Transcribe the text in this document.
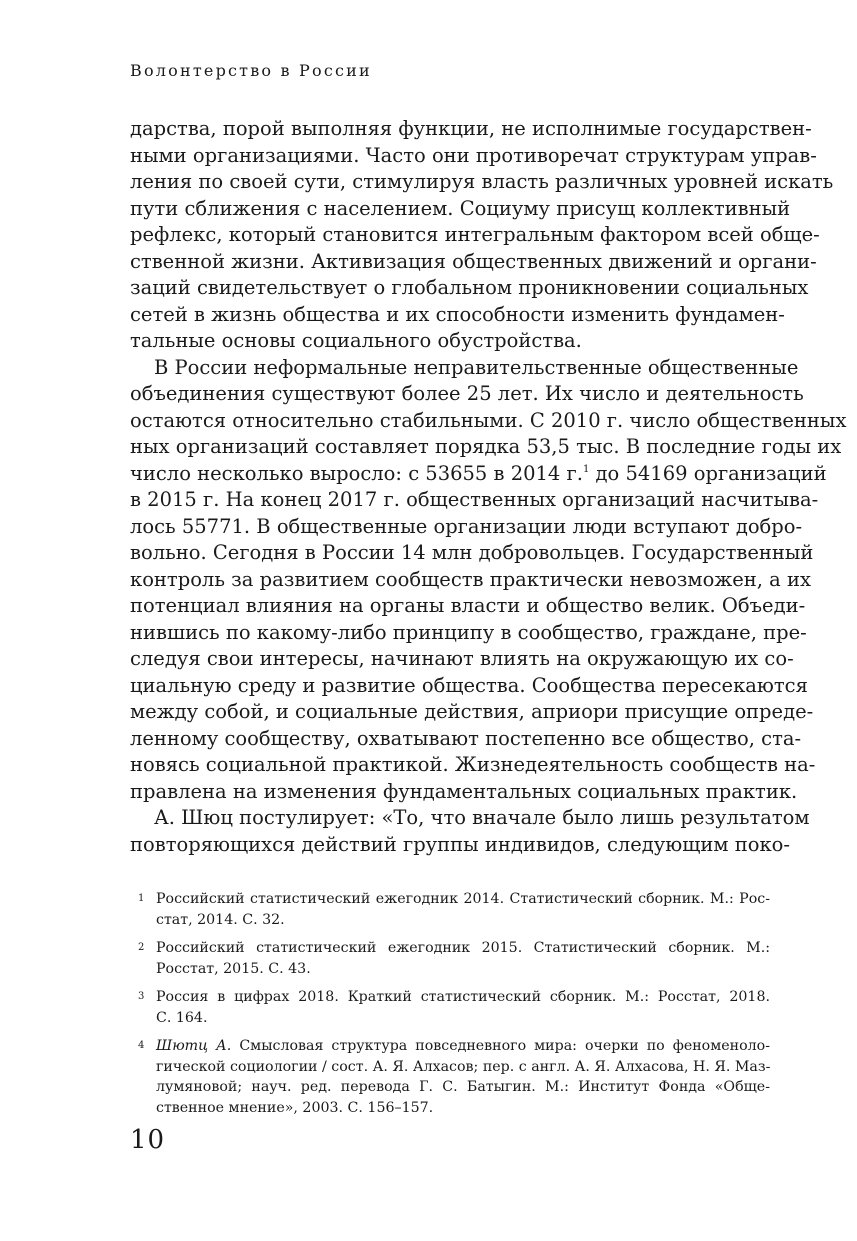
Волонтерство в России
дарства, порой выполняя функции, не исполнимые государствен-
ными организациями. Часто они противоречат структурам управ-
ления по своей сути, стимулируя власть различных уровней искать
пути сближения с населением. Социуму присущ коллективный
рефлекс, который становится интегральным фактором всей обще-
ственной жизни. Активизация общественных движений и органи-
заций свидетельствует о глобальном проникновении социальных
сетей в жизнь общества и их способности изменить фундамен-
тальные основы социального обустройства.
В России неформальные неправительственные общественные
объединения существуют более 25 лет. Их число и деятельность
остаются относительно стабильными. С 2010 г. число общественных
ных организаций составляет порядка 53,5 тыс. В последние годы их
число несколько выросло: с 53655 в 2014 г.$^1$ до 54169 организаций
в 2015 г. На конец 2017 г. общественных организаций насчитыва-
лось 55771. В общественные организации люди вступают добро-
вольно. Сегодня в России 14 млн добровольцев. Государственный
контроль за развитием сообществ практически невозможен, а их
потенциал влияния на органы власти и общество велик. Объеди-
нившись по какому-либо принципу в сообщество, граждане, пре-
следуя свои интересы, начинают влиять на окружающую их со-
циальную среду и развитие общества. Сообщества пересекаются
между собой, и социальные действия, априори присущие опреде-
ленному сообществу, охватывают постепенно все общество, ста-
новясь социальной практикой. Жизнедеятельность сообществ на-
правлена на изменения фундаментальных социальных практик.
А. Шюц постулирует: «То, что вначале было лишь результатом
повторяющихся действий группы индивидов, следующим поко-
1 Российский статистический ежегодник 2014. Статистический сборник. М.: Рос-
стат, 2014. С. 32.
2 Российский статистический ежегодник 2015. Статистический сборник. М.:
Росстат, 2015. С. 43.
3 Россия в цифрах 2018. Краткий статистический сборник. М.: Росстат, 2018.
С. 164.
4 Шютц А. Смысловая структура повседневного мира: очерки по феноменоло-
гической социологии / сост. А. Я. Алхасов; пер. с англ. А. Я. Алхасова, Н. Я. Маз-
лумяновой; науч. ред. перевода Г. С. Батыгин. М.: Институт Фонда «Обще-
ственное мнение», 2003. С. 156–157.
10
